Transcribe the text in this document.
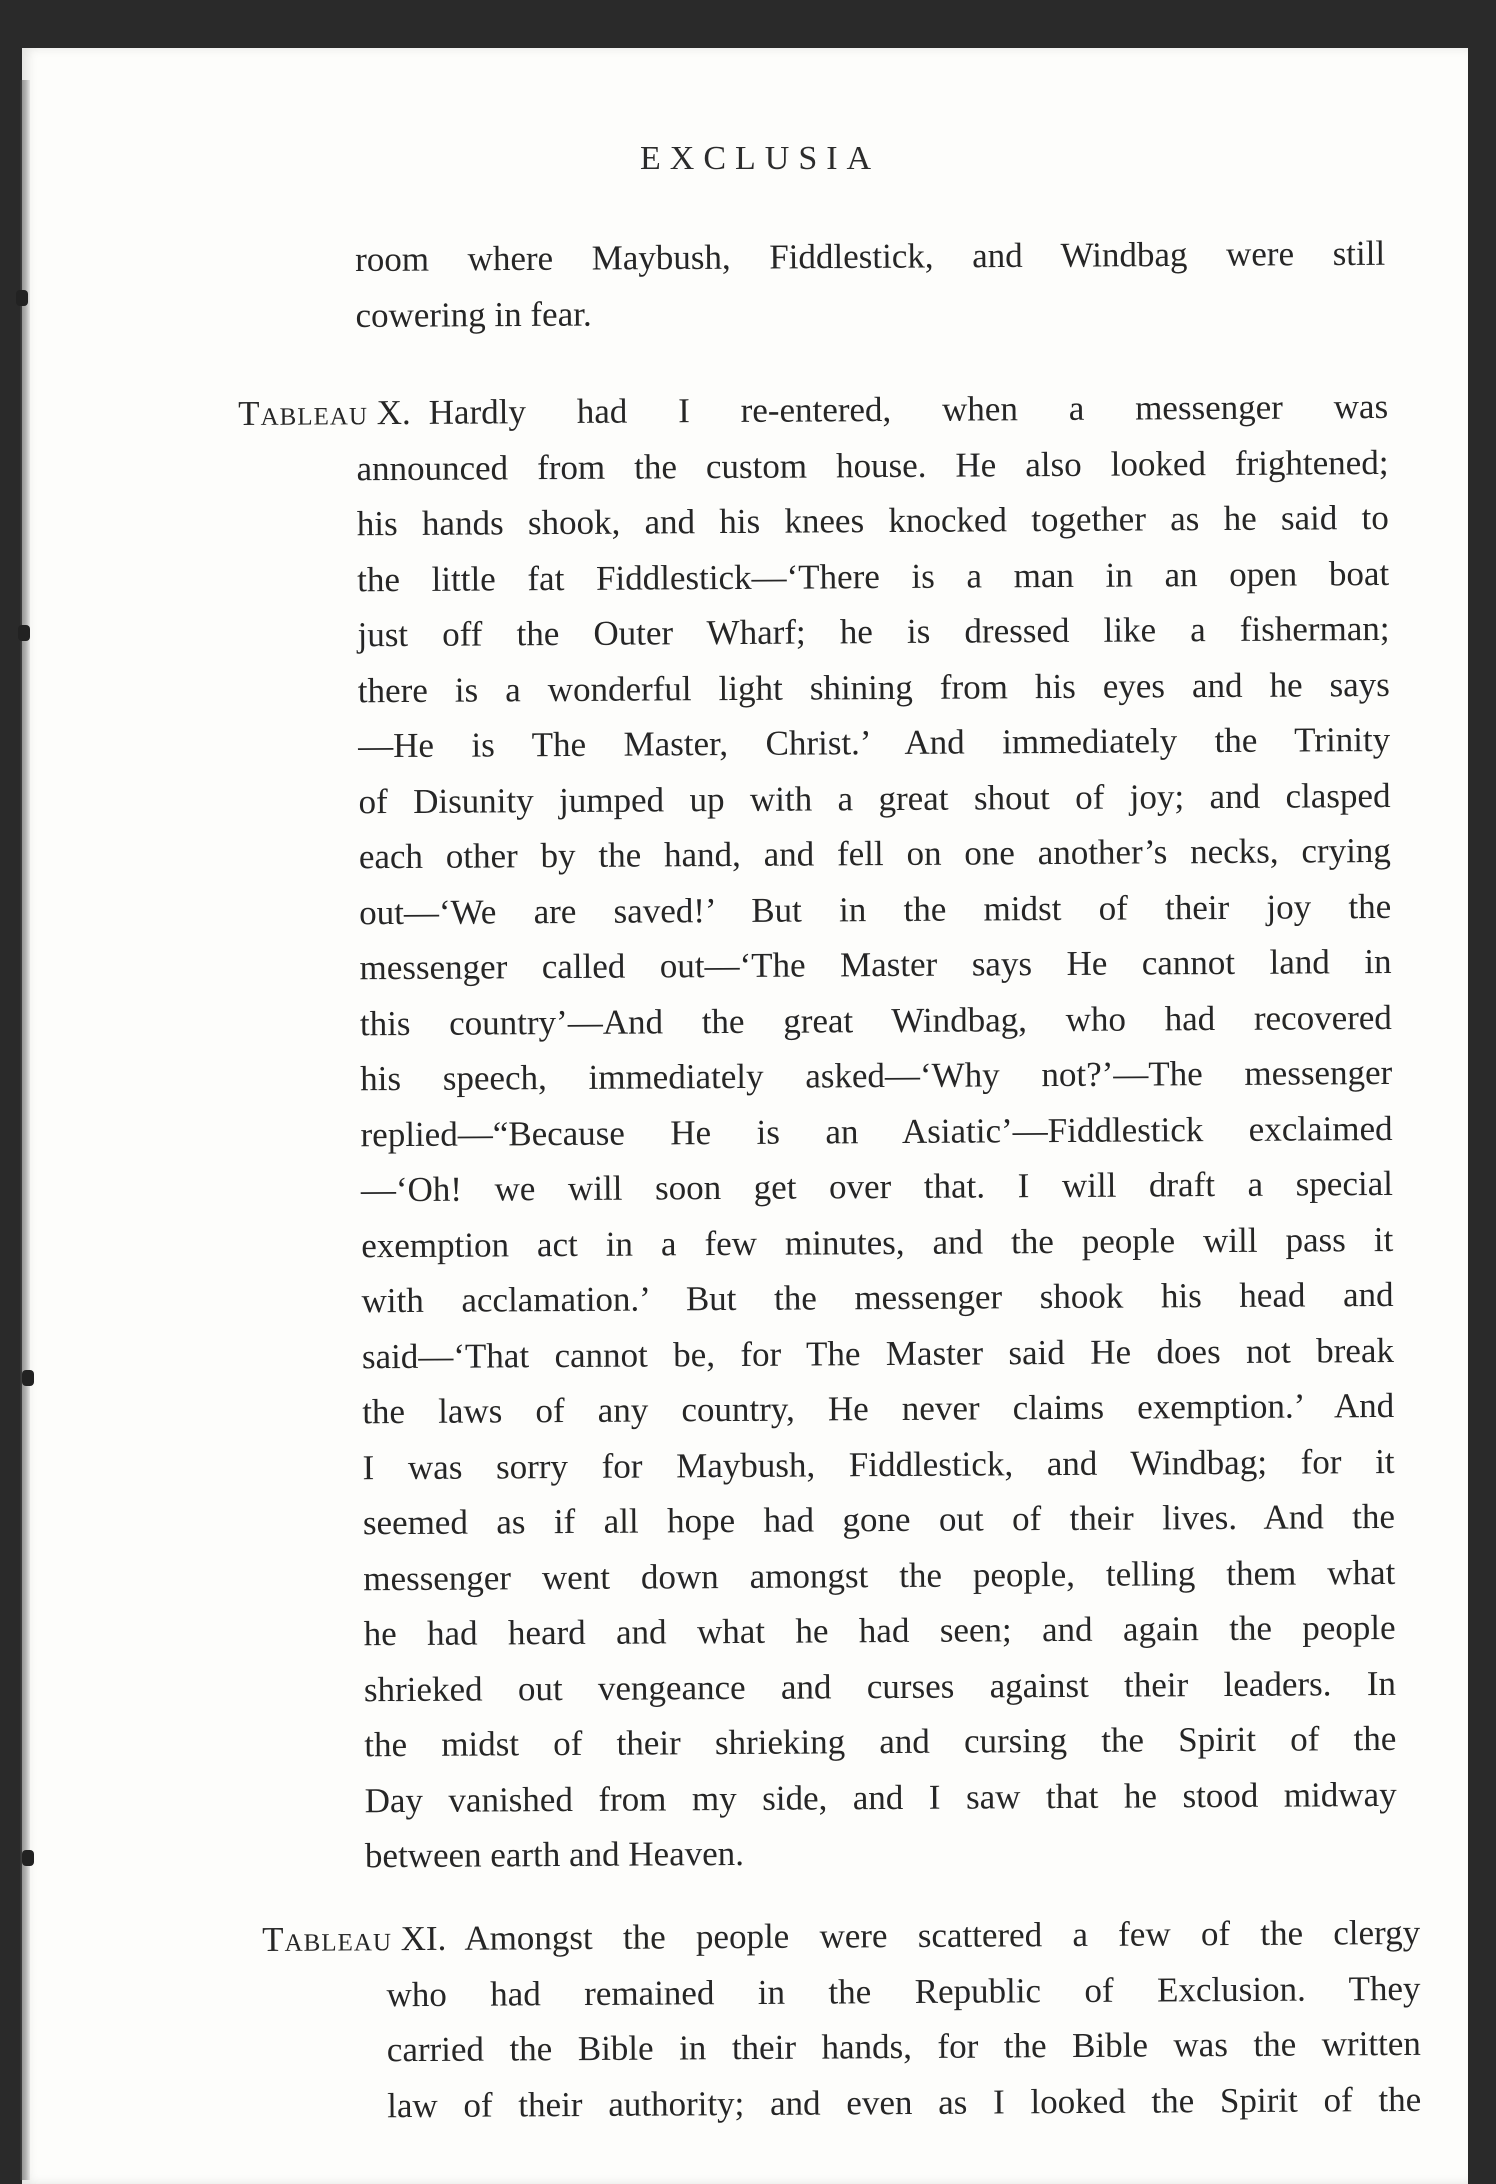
EXCLUSIA
room where Maybush, Fiddlestick, and Windbag were still
cowering in fear.
Tableau X. Hardly had I re-entered, when a messenger was
announced from the custom house. He also looked frightened;
his hands shook, and his knees knocked together as he said to
the little fat Fiddlestick—‘There is a man in an open boat
just off the Outer Wharf; he is dressed like a fisherman;
there is a wonderful light shining from his eyes and he says
—He is The Master, Christ.’ And immediately the Trinity
of Disunity jumped up with a great shout of joy; and clasped
each other by the hand, and fell on one another’s necks, crying
out—‘We are saved!’ But in the midst of their joy the
messenger called out—‘The Master says He cannot land in
this country’—And the great Windbag, who had recovered
his speech, immediately asked—‘Why not?’—The messenger
replied—“Because He is an Asiatic’—Fiddlestick exclaimed
—‘Oh! we will soon get over that. I will draft a special
exemption act in a few minutes, and the people will pass it
with acclamation.’ But the messenger shook his head and
said—‘That cannot be, for The Master said He does not break
the laws of any country, He never claims exemption.’ And
I was sorry for Maybush, Fiddlestick, and Windbag; for it
seemed as if all hope had gone out of their lives. And the
messenger went down amongst the people, telling them what
he had heard and what he had seen; and again the people
shrieked out vengeance and curses against their leaders. In
the midst of their shrieking and cursing the Spirit of the
Day vanished from my side, and I saw that he stood midway
between earth and Heaven.
Tableau XI. Amongst the people were scattered a few of the clergy
who had remained in the Republic of Exclusion. They
carried the Bible in their hands, for the Bible was the written
law of their authority; and even as I looked the Spirit of the
